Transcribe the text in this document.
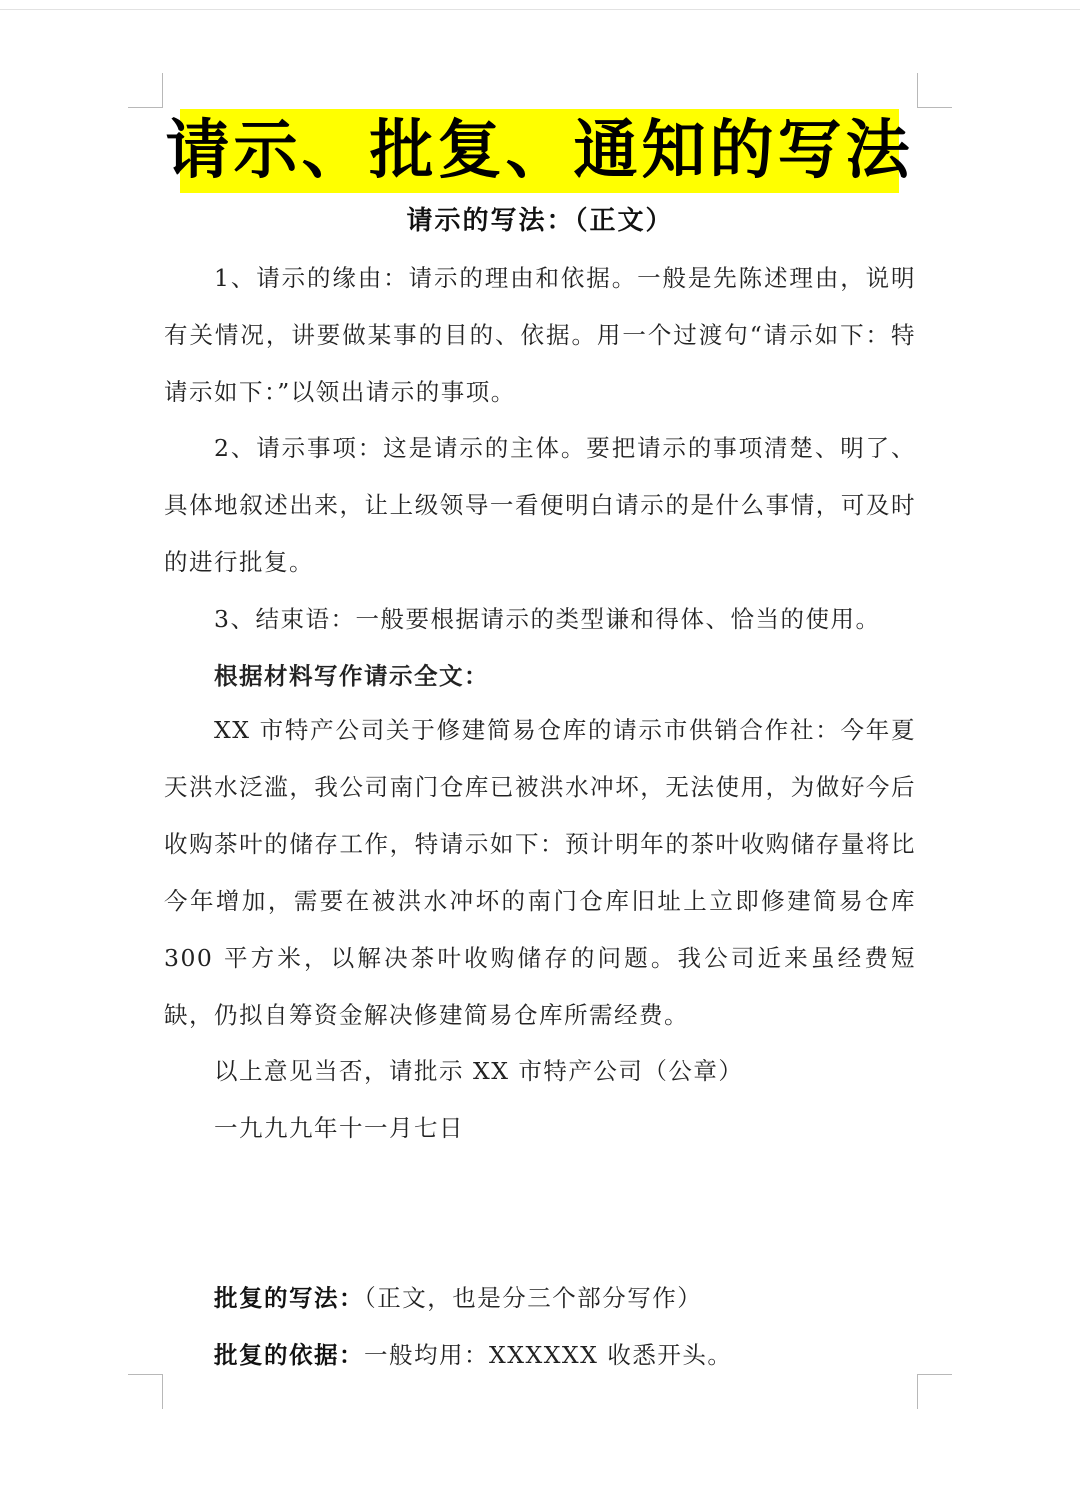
请示、批复、通知的写法
请示的写法：（正文）

1、请示的缘由：请示的理由和依据。一般是先陈述理由，说明有关情况，讲要做某事的目的、依据。用一个过渡句“请示如下：特请示如下：”以领出请示的事项。

2、请示事项：这是请示的主体。要把请示的事项清楚、明了、具体地叙述出来，让上级领导一看便明白请示的是什么事情，可及时的进行批复。

3、结束语：一般要根据请示的类型谦和得体、恰当的使用。
根据材料写作请示全文：

XX 市特产公司关于修建简易仓库的请示市供销合作社：今年夏天洪水泛滥，我公司南门仓库已被洪水冲坏，无法使用，为做好今后收购茶叶的储存工作，特请示如下：预计明年的茶叶收购储存量将比今年增加，需要在被洪水冲坏的南门仓库旧址上立即修建简易仓库300 平方米，以解决茶叶收购储存的问题。我公司近来虽经费短缺，仍拟自筹资金解决修建简易仓库所需经费。

以上意见当否，请批示 XX 市特产公司（公章）
一九九九年十一月七日
批复的写法：（正文，也是分三个部分写作）
批复的依据：一般均用：XXXXXX 收悉开头。
